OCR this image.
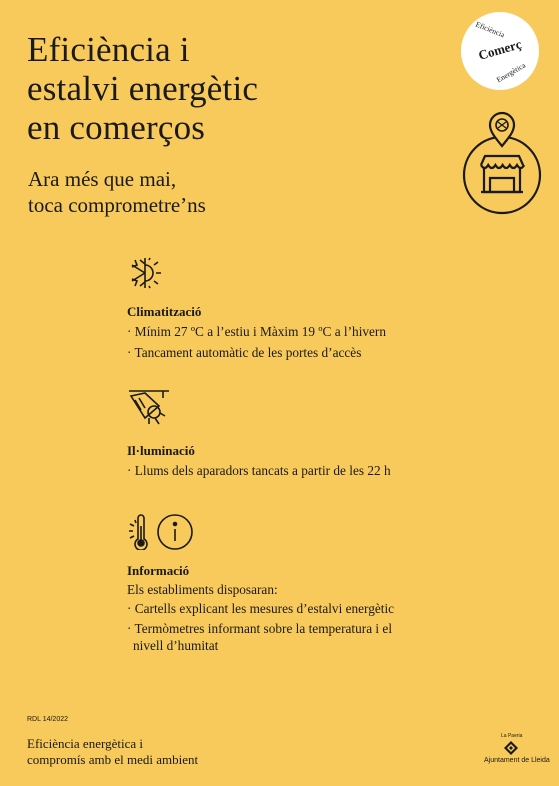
Eficiència i
estalvi energètic
en comerços
Ara més que mai,
toca comprometre’ns
Eficiència
Comerç
Energètica
Climatització
· Mínim 27 ºC a l’estiu i Màxim 19 ºC a l’hivern
· Tancament automàtic de les portes d’accès
Il·luminació
· Llums dels aparadors tancats a partir de les 22 h
Informació
Els establiments disposaran:
· Cartells explicant les mesures d’estalvi energètic
· Termòmetres informant sobre la temperatura i el
nivell d’humitat
RDL 14/2022
Eficiència energètica i
compromís amb el medi ambient
La Paeria
Ajuntament de Lleida
